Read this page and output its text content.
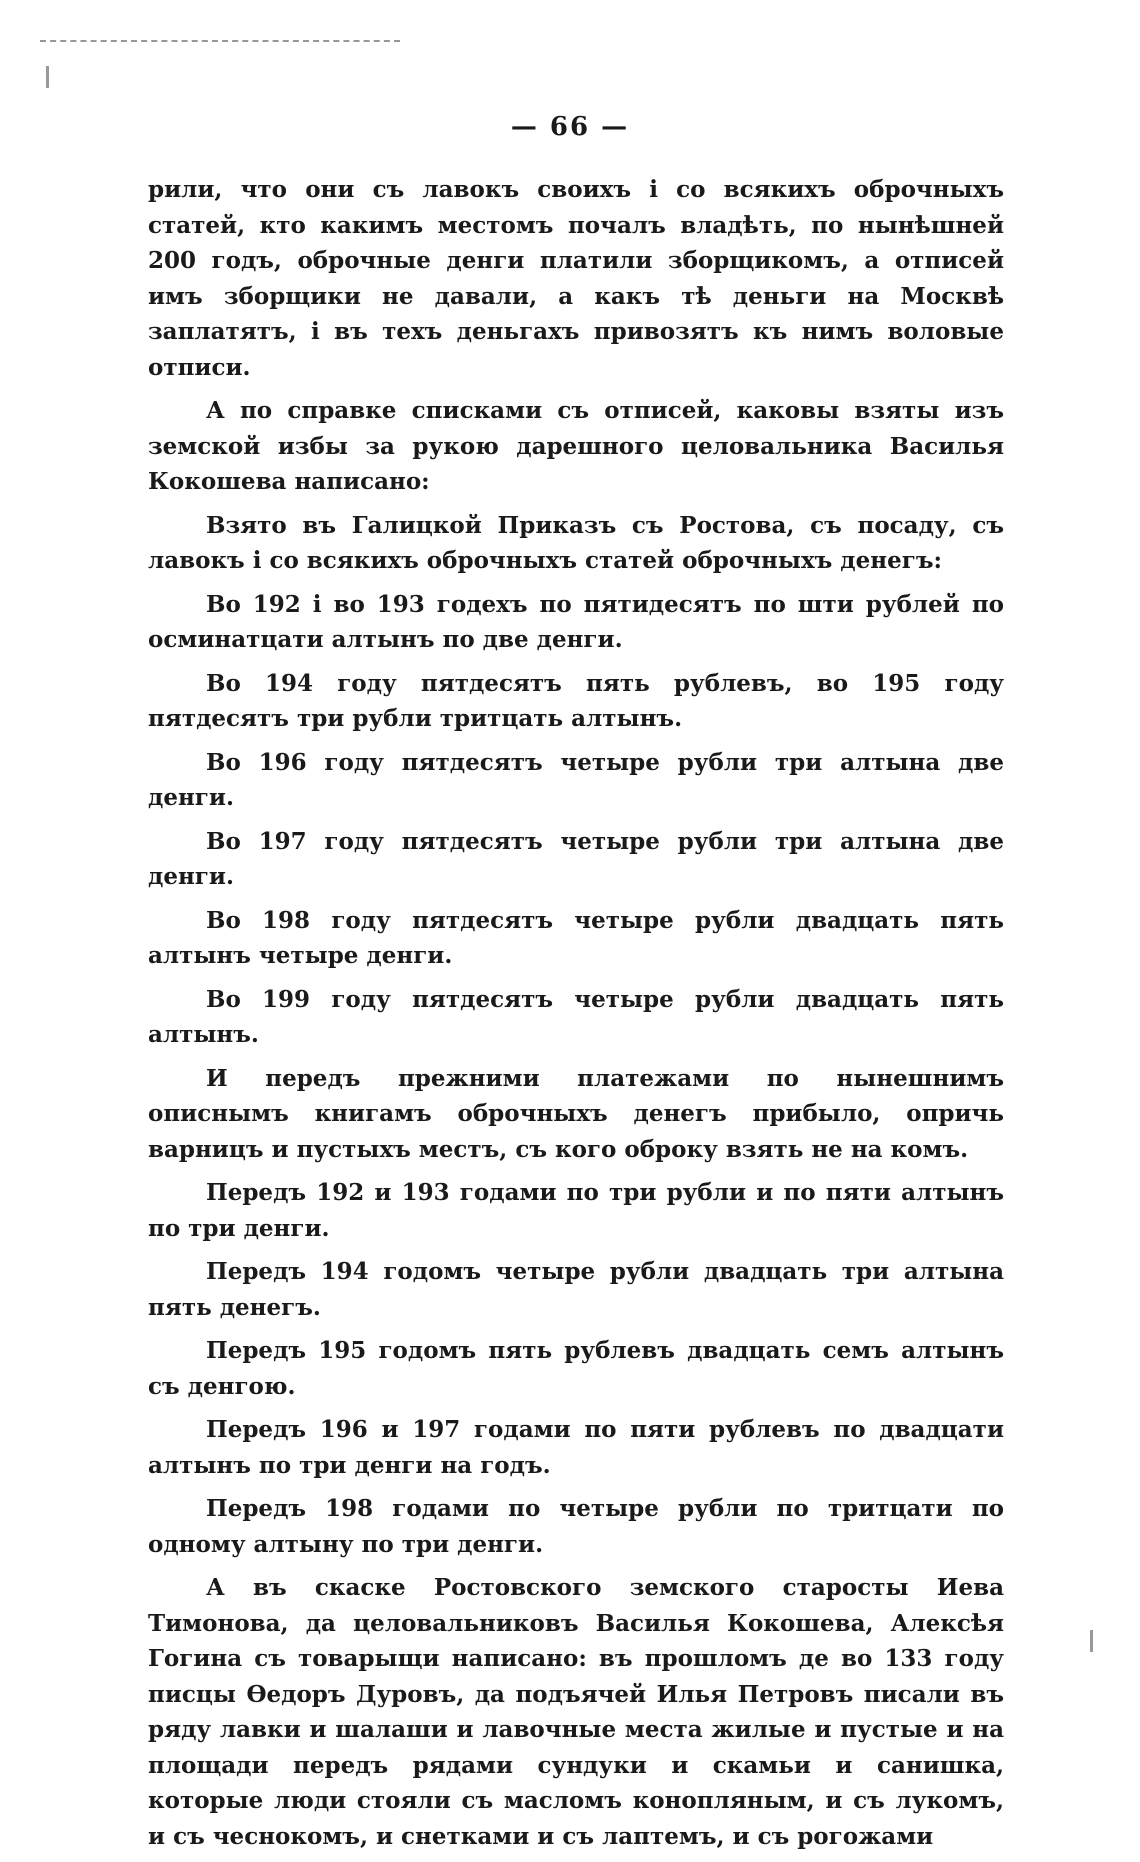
— 66 —

рили, что они съ лавокъ своихъ і со всякихъ оброчныхъ статей, кто какимъ местомъ почалъ владѣть, по нынѣшней 200 годъ, оброчные денги платили зборщикомъ, а отписей имъ зборщики не давали, а какъ тѣ деньги на Москвѣ заплатятъ, і въ техъ деньгахъ привозятъ къ нимъ воловые отписи.

А по справке списками съ отписей, каковы взяты изъ земской избы за рукою дарешного целовальника Василья Кокошева написано:

Взято въ Галицкой Приказъ съ Ростова, съ посаду, съ лавокъ і со всякихъ оброчныхъ статей оброчныхъ денегъ:

Во 192 і во 193 годехъ по пятидесятъ по шти рублей по осминатцати алтынъ по две денги.

Во 194 году пятдесятъ пять рублевъ, во 195 году пятдесятъ три рубли тритцать алтынъ.

Во 196 году пятдесятъ четыре рубли три алтына две денги.

Во 197 году пятдесятъ четыре рубли три алтына две денги.

Во 198 году пятдесятъ четыре рубли двадцать пять алтынъ четыре денги.

Во 199 году пятдесятъ четыре рубли двадцать пять алтынъ.

И передъ прежними платежами по нынешнимъ описнымъ книгамъ оброчныхъ денегъ прибыло, опричь варницъ и пустыхъ местъ, съ кого оброку взять не на комъ.

Передъ 192 и 193 годами по три рубли и по пяти алтынъ по три денги.

Передъ 194 годомъ четыре рубли двадцать три алтына пять денегъ.

Передъ 195 годомъ пять рублевъ двадцать семъ алтынъ съ денгою.

Передъ 196 и 197 годами по пяти рублевъ по двадцати алтынъ по три денги на годъ.

Передъ 198 годами по четыре рубли по тритцати по одному алтыну по три денги.

А въ скаске Ростовского земского старосты Иева Тимонова, да целовальниковъ Василья Кокошева, Алексѣя Гогина съ товарыщи написано: въ прошломъ де во 133 году писцы Ѳедоръ Дуровъ, да подъячей Илья Петровъ писали въ ряду лавки и шалаши и лавочные места жилые и пустые и на площади передъ рядами сундуки и скамьи и санишка, которые люди стояли съ масломъ конопляным, и съ лукомъ, и съ чеснокомъ, и снетками и съ лаптемъ, и съ рогожами
